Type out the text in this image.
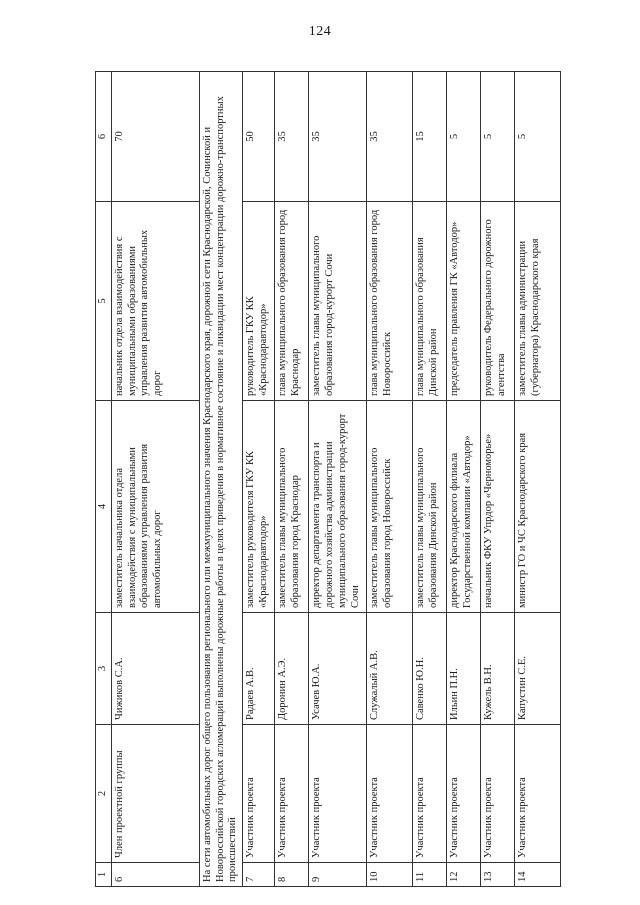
124
1	2	3	4	5	6
6	Член проектной группы	Чижиков С.А.	заместитель начальника отдела взаимодействия с муниципальными образованиями управления развития автомобильных дорог	начальник отдела взаимодействия с муниципальными образованиями управления развития автомобильных дорог	70
На сети автомобильных дорог общего пользования регионального или межмуниципального значения Краснодарского края, дорожной сети Краснодарской, Сочинской и Новороссийской городских агломераций выполнены дорожные работы в целях приведения в нормативное состояние и ликвидации мест концентрации дорожно-транспортных происшествий					
7	Участник проекта	Радаев А.В.	заместитель руководителя ГКУ КК «Краснодаравтодор»	руководитель ГКУ КК «Краснодаравтодор»	50
8	Участник проекта	Доронин А.Э.	заместитель главы муниципального образования город Краснодар	глава муниципального образования город Краснодар	35
9	Участник проекта	Усачев Ю.А.	директор департамента транспорта и дорожного хозяйства администрации муниципального образования город-курорт Сочи	заместитель главы муниципального образования город-курорт Сочи	35
10	Участник проекта	Служалый А.В.	заместитель главы муниципального образования город Новороссийск	глава муниципального образования город Новороссийск	35
11	Участник проекта	Савенко Ю.Н.	заместитель главы муниципального образования Динской район	глава муниципального образования Динской район	15
12	Участник проекта	Ильин П.Н.	директор Краснодарского филиала Государственной компании «Автодор»	председатель правления ГК «Автодор»	5
13	Участник проекта	Кужель В.Н.	начальник ФКУ Упрдор «Черноморье»	руководитель Федерального дорожного агентства	5
14	Участник проекта	Капустин С.Е.	министр ГО и ЧС Краснодарского края	заместитель главы администрации (губернатора) Краснодарского края	5
